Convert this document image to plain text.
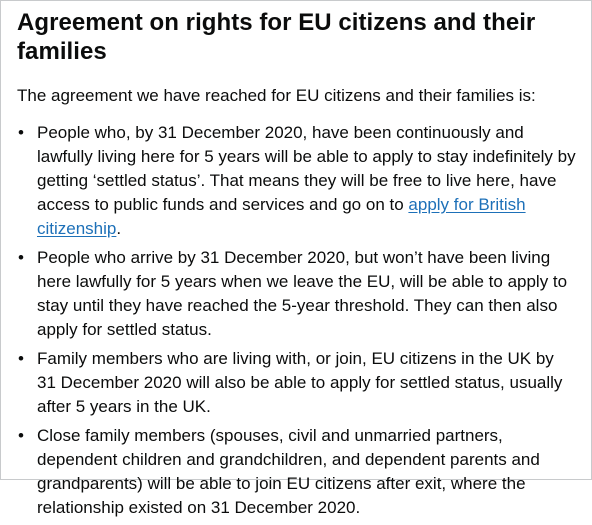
Agreement on rights for EU citizens and their families

The agreement we have reached for EU citizens and their families is:

• People who, by 31 December 2020, have been continuously and lawfully living here for 5 years will be able to apply to stay indefinitely by getting ‘settled status’. That means they will be free to live here, have access to public funds and services and go on to apply for British citizenship.
• People who arrive by 31 December 2020, but won’t have been living here lawfully for 5 years when we leave the EU, will be able to apply to stay until they have reached the 5-year threshold. They can then also apply for settled status.
• Family members who are living with, or join, EU citizens in the UK by 31 December 2020 will also be able to apply for settled status, usually after 5 years in the UK.
• Close family members (spouses, civil and unmarried partners, dependent children and grandchildren, and dependent parents and grandparents) will be able to join EU citizens after exit, where the relationship existed on 31 December 2020.
